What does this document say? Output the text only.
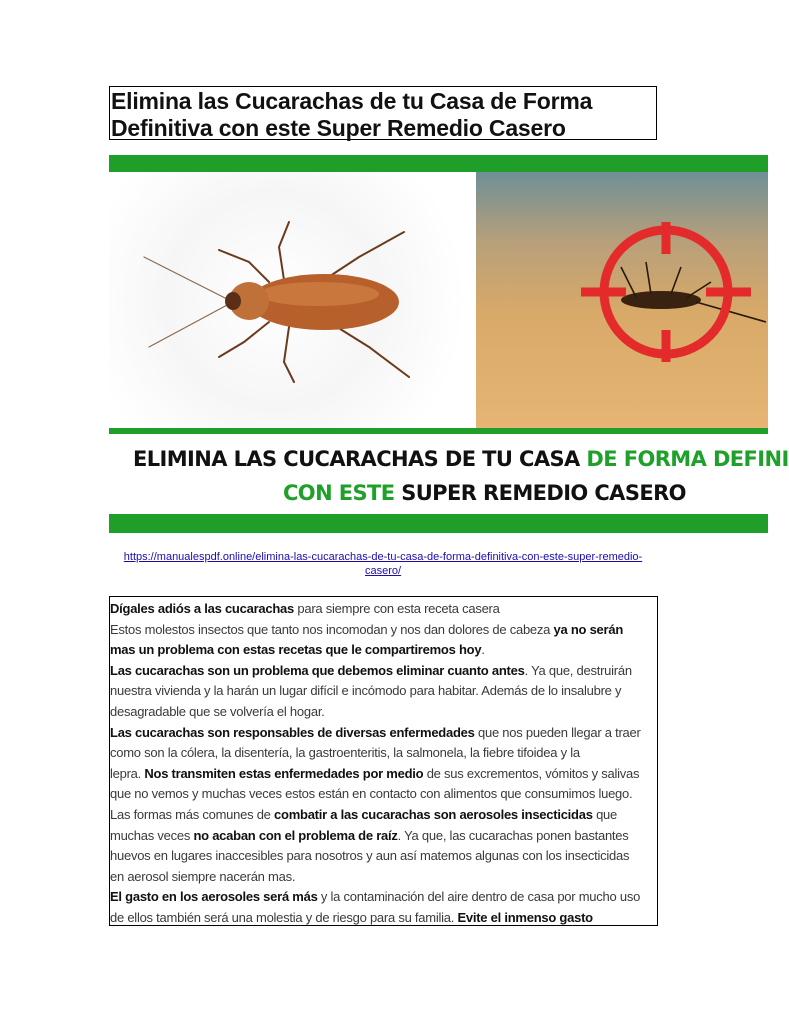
Elimina las Cucarachas de tu Casa de Forma
Definitiva con este Super Remedio Casero
ELIMINA LAS CUCARACHAS DE TU CASA DE FORMA DEFINI
CON ESTE SUPER REMEDIO CASERO
https://manualespdf.online/elimina-las-cucarachas-de-tu-casa-de-forma-definitiva-con-este-super-remedio-
casero/

Dígales adiós a las cucarachas para siempre con esta receta casera
Estos molestos insectos que tanto nos incomodan y nos dan dolores de cabeza ya no serán
mas un problema con estas recetas que le compartiremos hoy.
Las cucarachas son un problema que debemos eliminar cuanto antes. Ya que, destruirán
nuestra vivienda y la harán un lugar difícil e incómodo para habitar. Además de lo insalubre y
desagradable que se volvería el hogar.
Las cucarachas son responsables de diversas enfermedades que nos pueden llegar a traer
como son la cólera, la disentería, la gastroenteritis, la salmonela, la fiebre tifoidea y la
lepra. Nos transmiten estas enfermedades por medio de sus excrementos, vómitos y salivas
que no vemos y muchas veces estos están en contacto con alimentos que consumimos luego.
Las formas más comunes de combatir a las cucarachas son aerosoles insecticidas que
muchas veces no acaban con el problema de raíz. Ya que, las cucarachas ponen bastantes
huevos en lugares inaccesibles para nosotros y aun así matemos algunas con los insecticidas
en aerosol siempre nacerán mas.
El gasto en los aerosoles será más y la contaminación del aire dentro de casa por mucho uso
de ellos también será una molestia y de riesgo para su familia. Evite el inmenso gasto
